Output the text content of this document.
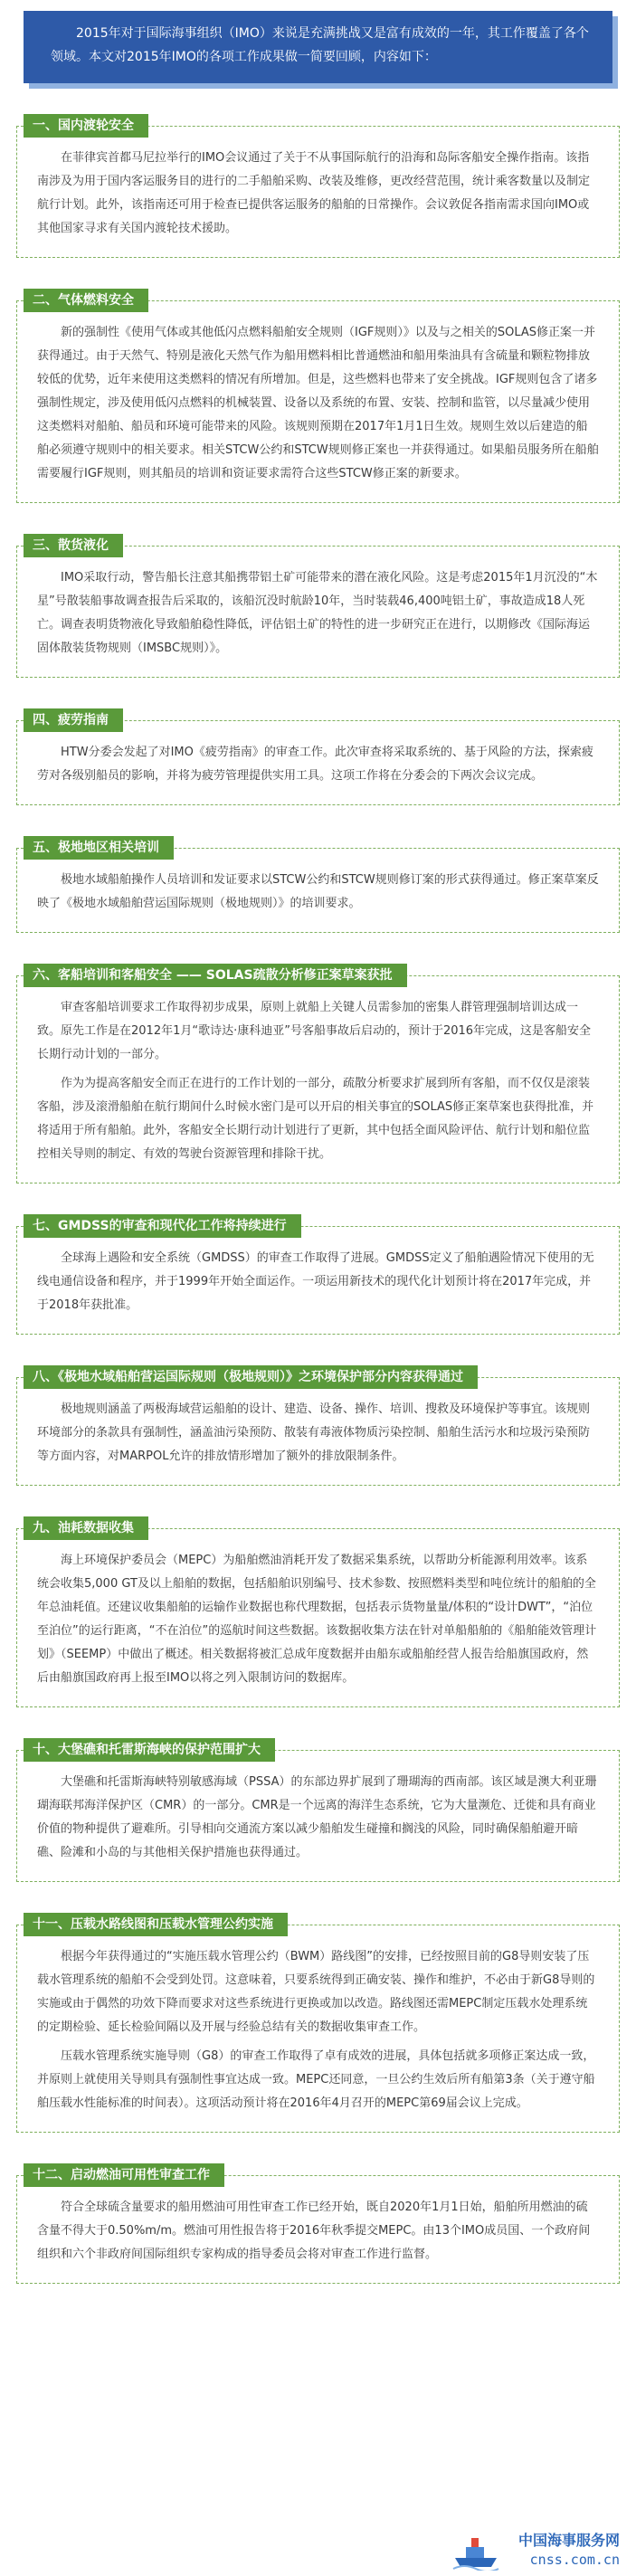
2015年对于国际海事组织（IMO）来说是充满挑战又是富有成效的一年，其工作覆盖了各个领域。本文对2015年IMO的各项工作成果做一简要回顾，内容如下：
一、国内渡轮安全

在菲律宾首都马尼拉举行的IMO会议通过了关于不从事国际航行的沿海和岛际客船安全操作指南。该指南涉及为用于国内客运服务目的进行的二手船舶采购、改装及维修，更改经营范围，统计乘客数量以及制定航行计划。此外，该指南还可用于检查已提供客运服务的船舶的日常操作。会议敦促各指南需求国向IMO或其他国家寻求有关国内渡轮技术援助。

二、气体燃料安全

新的强制性《使用气体或其他低闪点燃料船舶安全规则（IGF规则）》以及与之相关的SOLAS修正案一并获得通过。由于天然气、特别是液化天然气作为船用燃料相比普通燃油和船用柴油具有含硫量和颗粒物排放较低的优势，近年来使用这类燃料的情况有所增加。但是，这些燃料也带来了安全挑战。IGF规则包含了诸多强制性规定，涉及使用低闪点燃料的机械装置、设备以及系统的布置、安装、控制和监管，以尽量减少使用这类燃料对船舶、船员和环境可能带来的风险。该规则预期在2017年1月1日生效。规则生效以后建造的船舶必须遵守规则中的相关要求。相关STCW公约和STCW规则修正案也一并获得通过。如果船员服务所在船舶需要履行IGF规则，则其船员的培训和资证要求需符合这些STCW修正案的新要求。

三、散货液化

IMO采取行动，警告船长注意其船携带铝土矿可能带来的潜在液化风险。这是考虑2015年1月沉没的“木星”号散装船事故调查报告后采取的，该船沉没时航龄10年，当时装载46,400吨铝土矿，事故造成18人死亡。调查表明货物液化导致船舶稳性降低，评估铝土矿的特性的进一步研究正在进行，以期修改《国际海运固体散装货物规则（IMSBC规则）》。

四、疲劳指南

HTW分委会发起了对IMO《疲劳指南》的审查工作。此次审查将采取系统的、基于风险的方法，探索疲劳对各级别船员的影响，并将为疲劳管理提供实用工具。这项工作将在分委会的下两次会议完成。

五、极地地区相关培训

极地水域船舶操作人员培训和发证要求以STCW公约和STCW规则修订案的形式获得通过。修正案草案反映了《极地水域船舶营运国际规则（极地规则）》的培训要求。

六、客船培训和客船安全 —— SOLAS疏散分析修正案草案获批

审查客船培训要求工作取得初步成果，原则上就船上关键人员需参加的密集人群管理强制培训达成一致。原先工作是在2012年1月“歌诗达·康科迪亚”号客船事故后启动的，预计于2016年完成，这是客船安全长期行动计划的一部分。

作为为提高客船安全而正在进行的工作计划的一部分，疏散分析要求扩展到所有客船，而不仅仅是滚装客船，涉及滚滑船舶在航行期间什么时候水密门是可以开启的相关事宜的SOLAS修正案草案也获得批准，并将适用于所有船舶。此外，客船安全长期行动计划进行了更新，其中包括全面风险评估、航行计划和船位监控相关导则的制定、有效的驾驶台资源管理和排除干扰。

七、GMDSS的审查和现代化工作将持续进行

全球海上遇险和安全系统（GMDSS）的审查工作取得了进展。GMDSS定义了船舶遇险情况下使用的无线电通信设备和程序，并于1999年开始全面运作。一项运用新技术的现代化计划预计将在2017年完成，并于2018年获批准。

八、《极地水域船舶营运国际规则（极地规则）》之环境保护部分内容获得通过

极地规则涵盖了两极海域营运船舶的设计、建造、设备、操作、培训、搜救及环境保护等事宜。该规则环境部分的条款具有强制性，涵盖油污染预防、散装有毒液体物质污染控制、船舶生活污水和垃圾污染预防等方面内容，对MARPOL允许的排放情形增加了额外的排放限制条件。

九、油耗数据收集

海上环境保护委员会（MEPC）为船舶燃油消耗开发了数据采集系统，以帮助分析能源利用效率。该系统会收集5,000 GT及以上船舶的数据，包括船舶识别编号、技术参数、按照燃料类型和吨位统计的船舶的全年总油耗值。还建议收集船舶的运输作业数据也称代理数据，包括表示货物量量/体积的“设计DWT”，“泊位至泊位”的运行距离，“不在泊位”的巡航时间这些数据。该数据收集方法在针对单船船舶的《船舶能效管理计划》（SEEMP）中做出了概述。相关数据将被汇总成年度数据并由船东或船舶经营人报告给船旗国政府，然后由船旗国政府再上报至IMO以将之列入限制访问的数据库。

十、大堡礁和托雷斯海峡的保护范围扩大

大堡礁和托雷斯海峡特别敏感海域（PSSA）的东部边界扩展到了珊瑚海的西南部。该区域是澳大利亚珊瑚海联邦海洋保护区（CMR）的一部分。CMR是一个远离的海洋生态系统，它为大量濒危、迁徙和具有商业价值的物种提供了避难所。引导相向交通流方案以减少船舶发生碰撞和搁浅的风险，同时确保船舶避开暗礁、险滩和小岛的与其他相关保护措施也获得通过。

十一、压载水路线图和压载水管理公约实施

根据今年获得通过的“实施压载水管理公约（BWM）路线图”的安排，已经按照目前的G8导则安装了压载水管理系统的船舶不会受到处罚。这意味着，只要系统得到正确安装、操作和维护，不必由于新G8导则的实施或由于偶然的功效下降而要求对这些系统进行更换或加以改造。路线图还需MEPC制定压载水处理系统的定期检验、延长检验间隔以及开展与经验总结有关的数据收集审查工作。

压载水管理系统实施导则（G8）的审查工作取得了卓有成效的进展，具体包括就多项修正案达成一致，并原则上就使用关导则具有强制性事宜达成一致。MEPC还同意，一旦公约生效后所有船第3条（关于遵守船舶压载水性能标准的时间表）。这项活动预计将在2016年4月召开的MEPC第69届会议上完成。

十二、启动燃油可用性审查工作

符合全球硫含量要求的船用燃油可用性审查工作已经开始，既自2020年1月1日始，船舶所用燃油的硫含量不得大于0.50%m/m。燃油可用性报告将于2016年秋季提交MEPC。由13个IMO成员国、一个政府间组织和六个非政府间国际组织专家构成的指导委员会将对审查工作进行监督。

中国海事服务网
cnss.com.cn
